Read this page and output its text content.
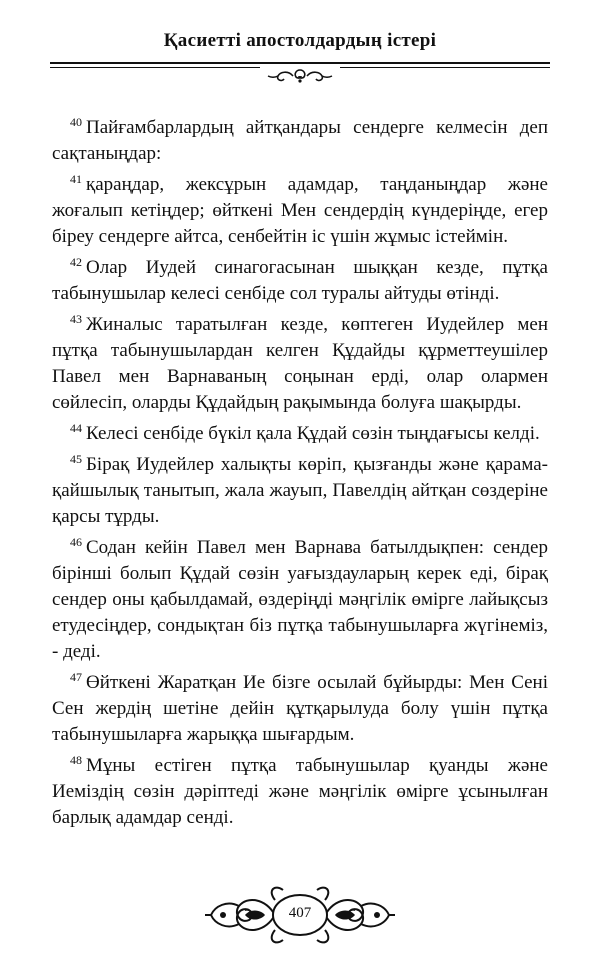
Қасиетті апостолдардың істері

$^{40}$ Пайғамбарлардың айтқандары сендерге келмесін деп сақтаныңдар:

$^{41}$ қараңдар, жексұрын адамдар, таңданыңдар және жоғалып кетіңдер; өйткені Мен сендердің күндеріңде, егер біреу сендерге айтса, сенбейтін іс үшін жұмыс істеймін.

$^{42}$ Олар Иудей синагогасынан шыққан кезде, пұтқа табынушылар келесі сенбіде сол туралы айтуды өтінді.

$^{43}$ Жиналыс таратылған кезде, көптеген Иудейлер мен пұтқа табынушылардан келген Құдайды құрметтеушілер Павел мен Варнаваның соңынан ерді, олар олармен сөйлесіп, оларды Құдайдың рақымында болуға шақырды.

$^{44}$ Келесі сенбіде бүкіл қала Құдай сөзін тыңдағысы келді.

$^{45}$ Бірақ Иудейлер халықты көріп, қызғанды және қарама-қайшылық танытып, жала жауып, Павелдің айтқан сөздеріне қарсы тұрды.

$^{46}$ Содан кейін Павел мен Варнава батылдықпен: сендер бірінші болып Құдай сөзін уағыздауларың керек еді, бірақ сендер оны қабылдамай, өздеріңді мәңгілік өмірге лайықсыз етудесіңдер, сондықтан біз пұтқа табынушыларға жүгінеміз, - деді.

$^{47}$ Өйткені Жаратқан Ие бізге осылай бұйырды: Мен Сені Сен жердің шетіне дейін құтқарылуда болу үшін пұтқа табынушыларға жарыққа шығардым.

$^{48}$ Мұны естіген пұтқа табынушылар қуанды және Иеміздің сөзін дәріптеді және мәңгілік өмірге ұсынылған барлық адамдар сенді.

407
